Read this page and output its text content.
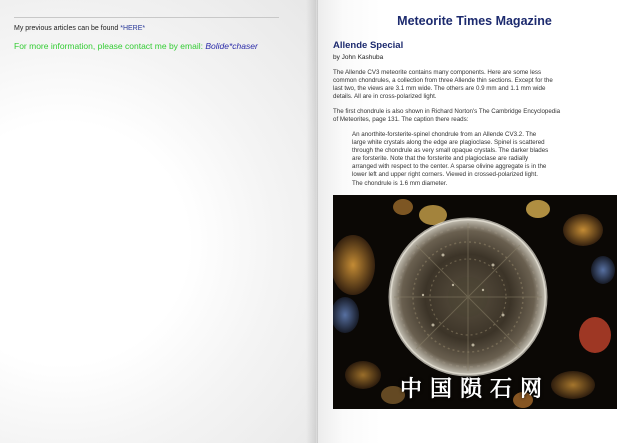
My previous articles can be found *HERE*
For more information, please contact me by email: Bolide*chaser
Meteorite Times Magazine
Allende Special
by John Kashuba
The Allende CV3 meteorite contains many components. Here are some less
common chondrules, a collection from three Allende thin sections. Except for the
last two, the views are 3.1 mm wide. The others are 0.9 mm and 1.1 mm wide
details. All are in cross-polarized light.
The first chondrule is also shown in Richard Norton's The Cambridge Encyclopedia
of Meteorites, page 131. The caption there reads:
An anorthite-forsterite-spinel chondrule from an Allende CV3.2. The
large white crystals along the edge are plagioclase. Spinel is scattered
through the chondrule as very small opaque crystals. The darker blades
are forsterite. Note that the forsterite and plagioclase are radially
arranged with respect to the center. A sparse olivine aggregate is in the
lower left and upper right corners. Viewed in crossed-polarized light.
The chondrule is 1.6 mm diameter.
中国陨石网
